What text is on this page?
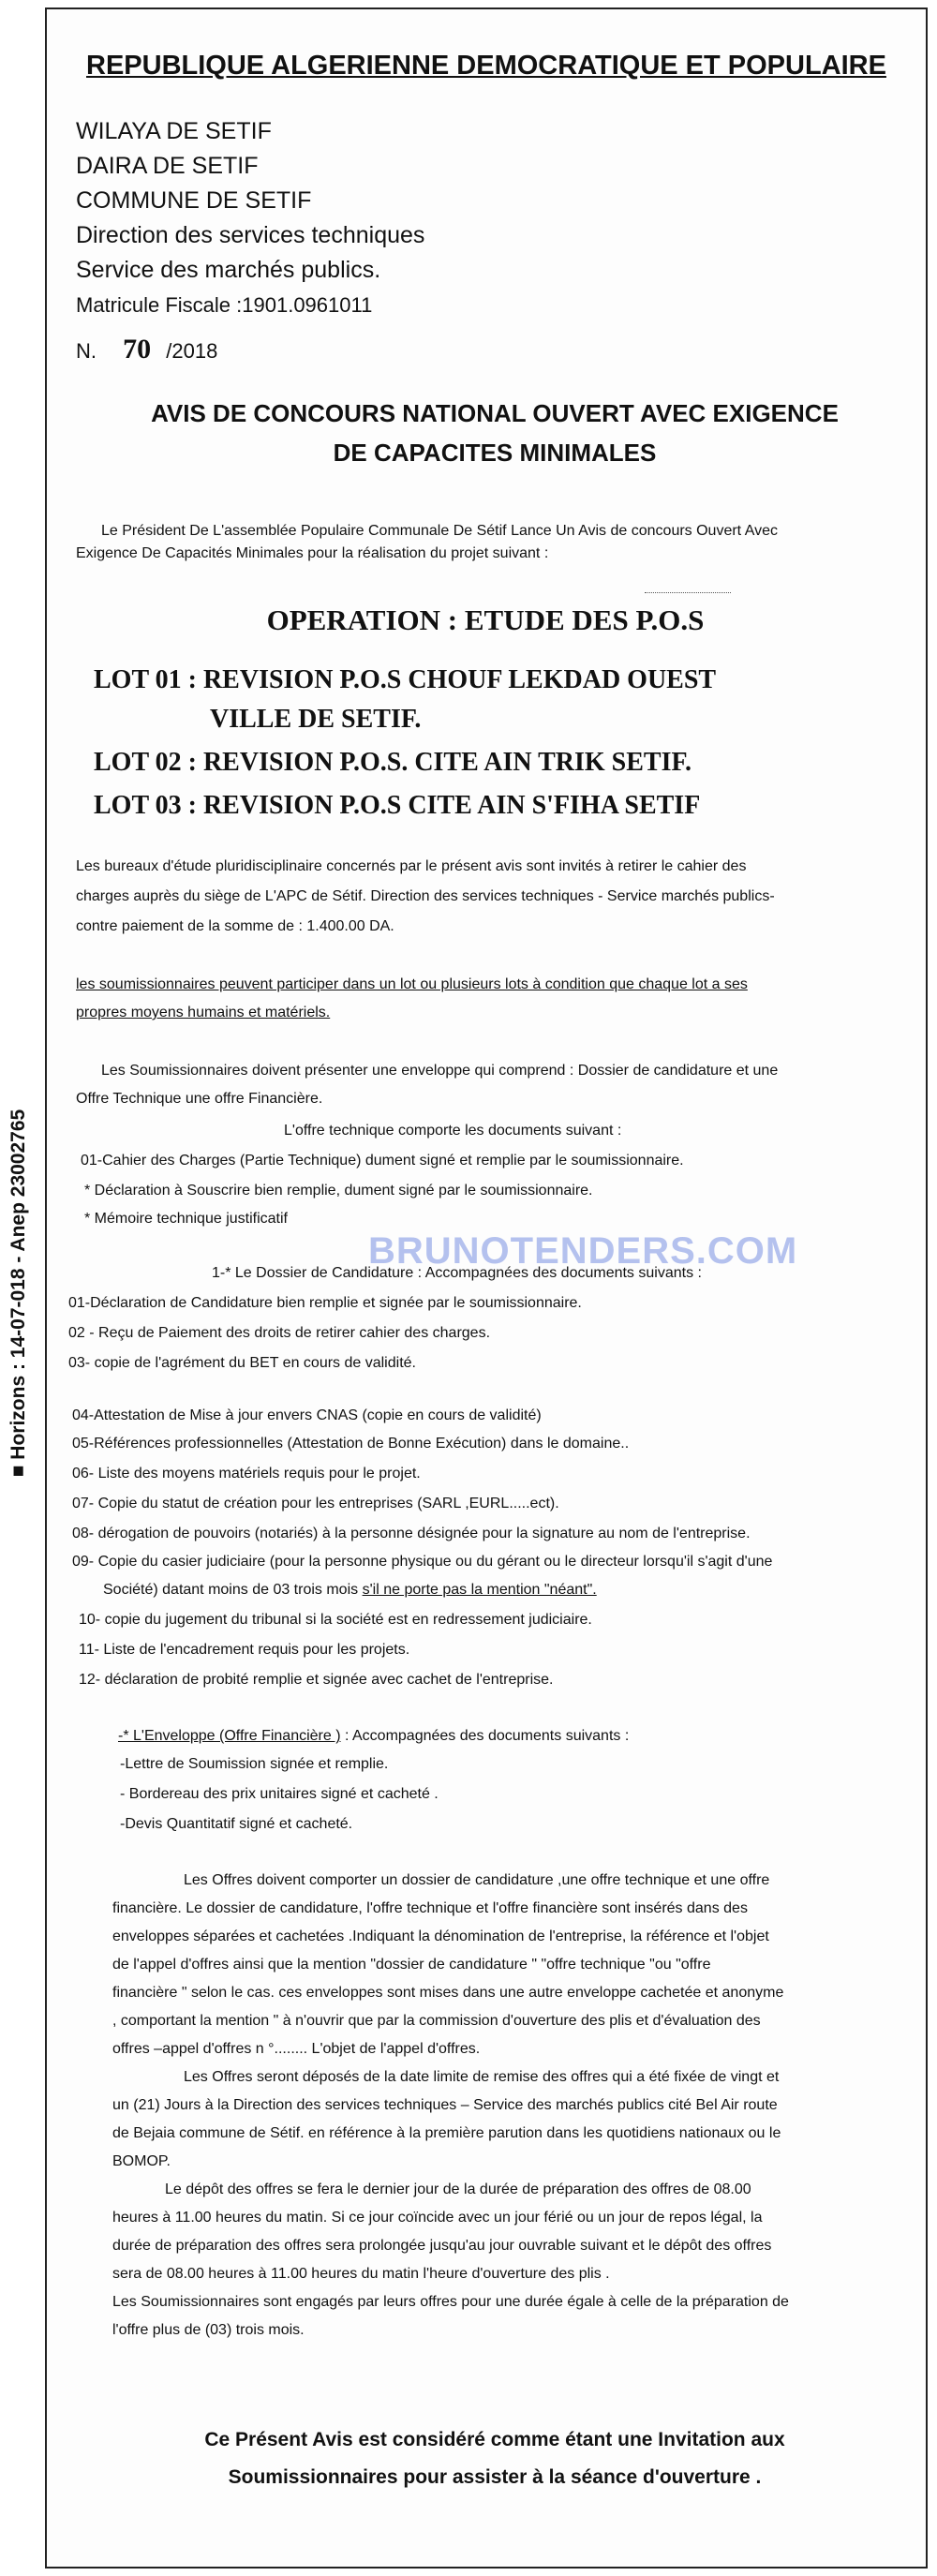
■ Horizons : 14-07-018 - Anep 23002765
REPUBLIQUE ALGERIENNE DEMOCRATIQUE ET POPULAIRE
WILAYA DE SETIF
DAIRA DE SETIF
COMMUNE DE SETIF
Direction des services techniques
Service des marchés publics.
Matricule Fiscale :1901.0961011
N. 70 /2018
AVIS DE CONCOURS NATIONAL OUVERT AVEC EXIGENCE
DE CAPACITES MINIMALES
Le Président De L'assemblée Populaire Communale De Sétif Lance Un Avis de concours Ouvert Avec
Exigence De Capacités Minimales pour la réalisation du projet suivant :
OPERATION : ETUDE DES P.O.S
LOT 01 : REVISION P.O.S CHOUF LEKDAD OUEST
VILLE DE SETIF.
LOT 02 : REVISION P.O.S. CITE AIN TRIK SETIF.
LOT 03 : REVISION P.O.S CITE AIN S'FIHA SETIF
Les bureaux d'étude pluridisciplinaire concernés par le présent avis sont invités à retirer le cahier des
charges auprès du siège de L'APC de Sétif. Direction des services techniques - Service marchés publics-
contre paiement de la somme de : 1.400.00 DA.
les soumissionnaires peuvent participer dans un lot ou plusieurs lots à condition que chaque lot a ses
propres moyens humains et matériels.
Les Soumissionnaires doivent présenter une enveloppe qui comprend : Dossier de candidature et une
Offre Technique une offre Financière.
L'offre technique comporte les documents suivant :
01-Cahier des Charges (Partie Technique) dument signé et remplie par le soumissionnaire.
* Déclaration à Souscrire bien remplie, dument signé par le soumissionnaire.
* Mémoire technique justificatif
1-* Le Dossier de Candidature : Accompagnées des documents suivants :
01-Déclaration de Candidature bien remplie et signée par le soumissionnaire.
02 - Reçu de Paiement des droits de retirer cahier des charges.
03- copie de l'agrément du BET en cours de validité.
04-Attestation de Mise à jour envers CNAS (copie en cours de validité)
05-Références professionnelles (Attestation de Bonne Exécution) dans le domaine..
06- Liste des moyens matériels requis pour le projet.
07- Copie du statut de création pour les entreprises (SARL ,EURL.....ect).
08- dérogation de pouvoirs (notariés) à la personne désignée pour la signature au nom de l'entreprise.
09- Copie du casier judiciaire (pour la personne physique ou du gérant ou le directeur lorsqu'il s'agit d'une
Société) datant moins de 03 trois mois s'il ne porte pas la mention "néant".
10- copie du jugement du tribunal si la société est en redressement judiciaire.
11- Liste de l'encadrement requis pour les projets.
12- déclaration de probité remplie et signée avec cachet de l'entreprise.
-* L'Enveloppe (Offre Financière ) : Accompagnées des documents suivants :
-Lettre de Soumission signée et remplie.
- Bordereau des prix unitaires signé et cacheté .
-Devis Quantitatif signé et cacheté.
Les Offres doivent comporter un dossier de candidature ,une offre technique et une offre
financière. Le dossier de candidature, l'offre technique et l'offre financière sont insérés dans des
enveloppes séparées et cachetées .Indiquant la dénomination de l'entreprise, la référence et l'objet
de l'appel d'offres ainsi que la mention "dossier de candidature " "offre technique "ou "offre
financière " selon le cas. ces enveloppes sont mises dans une autre enveloppe cachetée et anonyme
, comportant la mention " à n'ouvrir que par la commission d'ouverture des plis et d'évaluation des
offres –appel d'offres n °........ L'objet de l'appel d'offres.
Les Offres seront déposés de la date limite de remise des offres qui a été fixée de vingt et
un (21) Jours à la Direction des services techniques – Service des marchés publics cité Bel Air route
de Bejaia commune de Sétif. en référence à la première parution dans les quotidiens nationaux ou le
BOMOP.
Le dépôt des offres se fera le dernier jour de la durée de préparation des offres de 08.00
heures à 11.00 heures du matin. Si ce jour coïncide avec un jour férié ou un jour de repos légal, la
durée de préparation des offres sera prolongée jusqu'au jour ouvrable suivant et le dépôt des offres
sera de 08.00 heures à 11.00 heures du matin l'heure d'ouverture des plis .
Les Soumissionnaires sont engagés par leurs offres pour une durée égale à celle de la préparation de
l'offre plus de (03) trois mois.
Ce Présent Avis est considéré comme étant une Invitation aux
Soumissionnaires pour assister à la séance d'ouverture .
BRUNOTENDERS.COM
